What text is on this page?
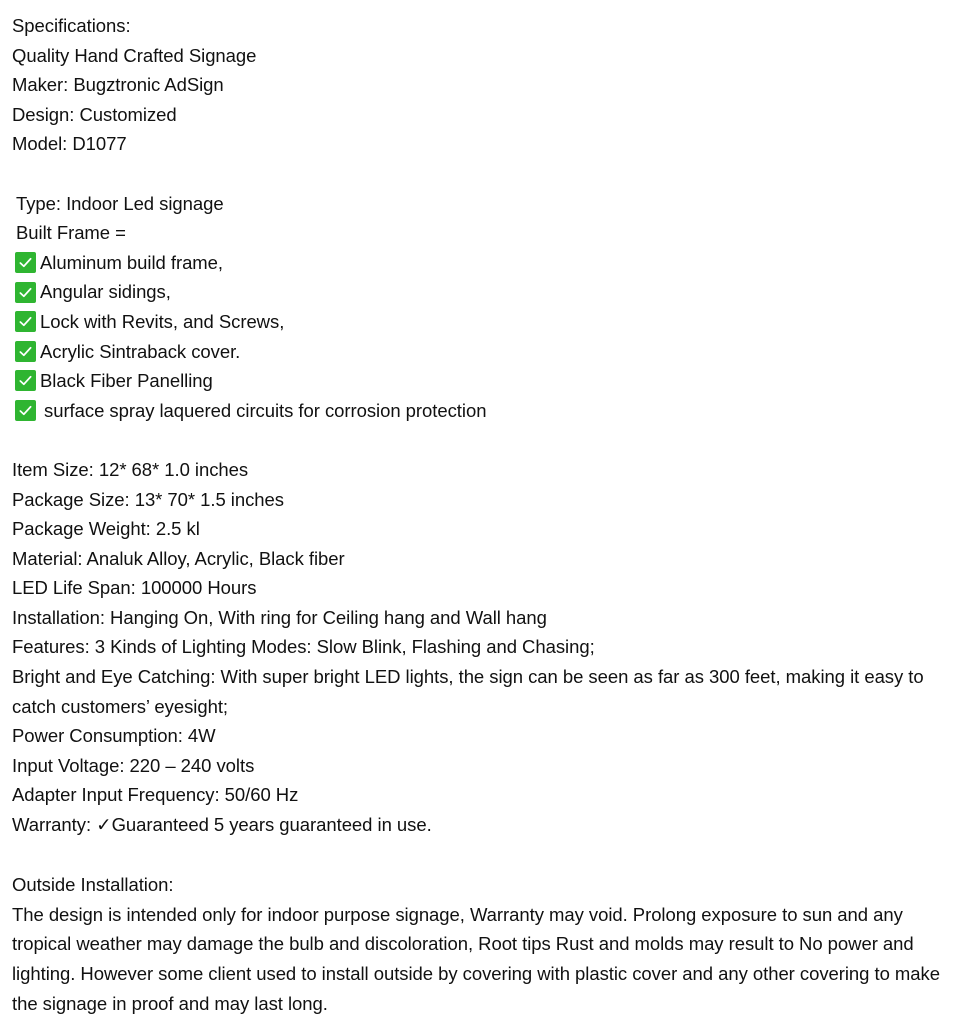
Specifications:
Quality Hand Crafted Signage
Maker: Bugztronic AdSign
Design: Customized
Model: D1077
Type: Indoor Led signage
Built Frame =
Aluminum build frame,
Angular sidings,
Lock with Revits, and Screws,
Acrylic Sintraback cover.
Black Fiber Panelling
surface spray laquered circuits for corrosion protection
Item Size: 12* 68* 1.0 inches
Package Size: 13* 70* 1.5 inches
Package Weight: 2.5 kl
Material: Analuk Alloy, Acrylic, Black fiber
LED Life Span: 100000 Hours
Installation: Hanging On, With ring for Ceiling hang and Wall hang
Features: 3 Kinds of Lighting Modes: Slow Blink, Flashing and Chasing;
Bright and Eye Catching: With super bright LED lights, the sign can be seen as far as 300 feet, making it easy to catch customers’ eyesight;
Power Consumption: 4W
Input Voltage: 220 – 240 volts
Adapter Input Frequency: 50/60 Hz
Warranty: ✓Guaranteed 5 years guaranteed in use.
Outside Installation:
The design is intended only for indoor purpose signage, Warranty may void. Prolong exposure to sun and any tropical weather may damage the bulb and discoloration, Root tips Rust and molds may result to No power and lighting. However some client used to install outside by covering with plastic cover and any other covering to make the signage in proof and may last long.
